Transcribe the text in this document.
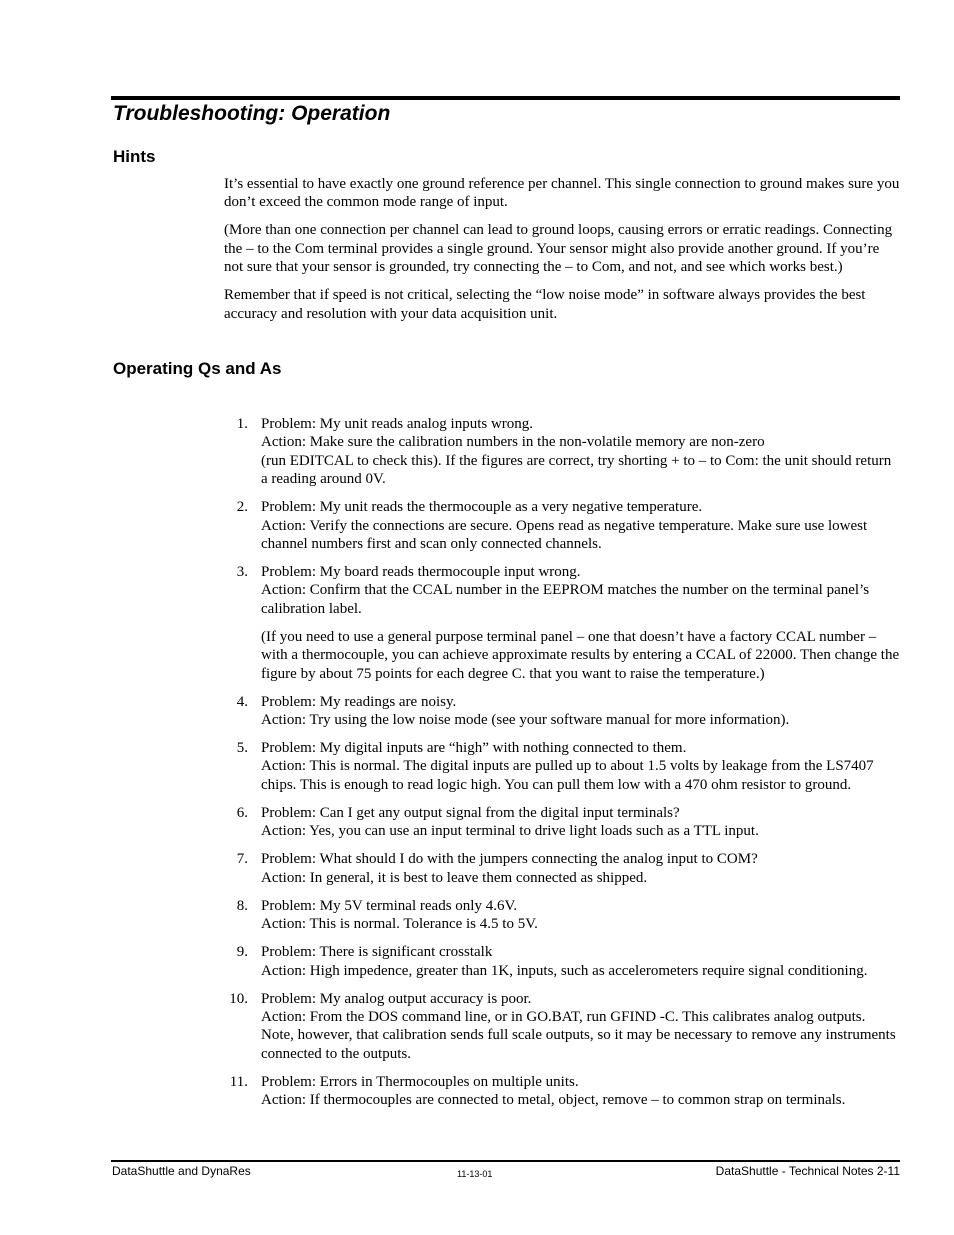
Troubleshooting: Operation
Hints

It’s essential to have exactly one ground reference per channel. This single connection to ground makes sure you don’t exceed the common mode range of input.

(More than one connection per channel can lead to ground loops, causing errors or erratic readings. Connecting the – to the Com terminal provides a single ground. Your sensor might also provide another ground. If you’re not sure that your sensor is grounded, try connecting the – to Com, and not, and see which works best.)

Remember that if speed is not critical, selecting the “low noise mode” in software always provides the best accuracy and resolution with your data acquisition unit.

Operating Qs and As
1. Problem: My unit reads analog inputs wrong.
Action: Make sure the calibration numbers in the non-volatile memory are non-zero
(run EDITCAL to check this). If the figures are correct, try shorting + to – to Com: the unit should return a reading around 0V.
2. Problem: My unit reads the thermocouple as a very negative temperature.
Action: Verify the connections are secure. Opens read as negative temperature. Make sure use lowest channel numbers first and scan only connected channels.
3. Problem: My board reads thermocouple input wrong.
Action: Confirm that the CCAL number in the EEPROM matches the number on the terminal panel’s calibration label.
(If you need to use a general purpose terminal panel – one that doesn’t have a factory CCAL number – with a thermocouple, you can achieve approximate results by entering a CCAL of 22000. Then change the figure by about 75 points for each degree C. that you want to raise the temperature.)
4. Problem: My readings are noisy.
Action: Try using the low noise mode (see your software manual for more information).
5. Problem: My digital inputs are “high” with nothing connected to them.
Action: This is normal. The digital inputs are pulled up to about 1.5 volts by leakage from the LS7407 chips. This is enough to read logic high. You can pull them low with a 470 ohm resistor to ground.
6. Problem: Can I get any output signal from the digital input terminals?
Action: Yes, you can use an input terminal to drive light loads such as a TTL input.
7. Problem: What should I do with the jumpers connecting the analog input to COM?
Action: In general, it is best to leave them connected as shipped.
8. Problem: My 5V terminal reads only 4.6V.
Action: This is normal. Tolerance is 4.5 to 5V.
9. Problem: There is significant crosstalk
Action: High impedence, greater than 1K, inputs, such as accelerometers require signal conditioning.
10. Problem: My analog output accuracy is poor.
Action: From the DOS command line, or in GO.BAT, run GFIND -C. This calibrates analog outputs. Note, however, that calibration sends full scale outputs, so it may be necessary to remove any instruments connected to the outputs.
11. Problem: Errors in Thermocouples on multiple units.
Action: If thermocouples are connected to metal, object, remove – to common strap on terminals.
DataShuttle and DynaRes	11-13-01	DataShuttle - Technical Notes 2-11
